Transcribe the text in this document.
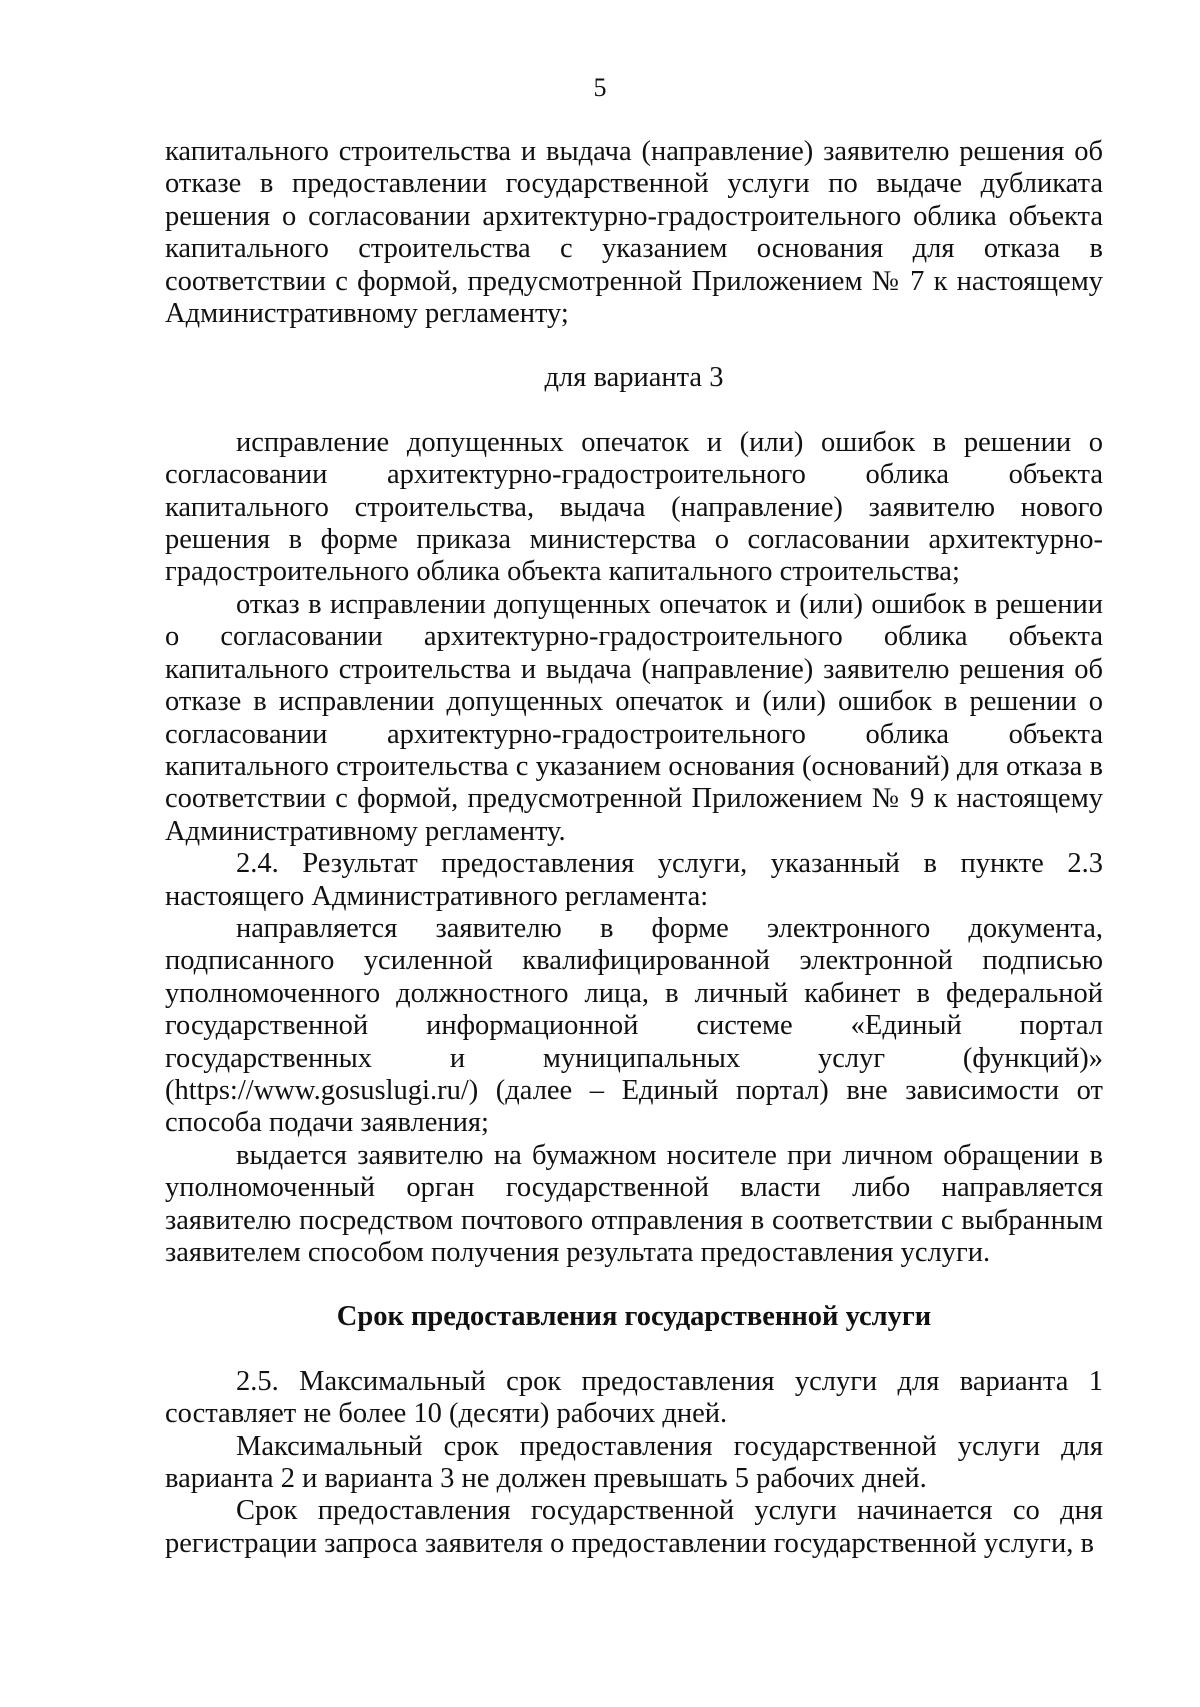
5

капитального строительства и выдача (направление) заявителю решения об отказе в предоставлении государственной услуги по выдаче дубликата решения о согласовании архитектурно-градостроительного облика объекта капитального строительства с указанием основания для отказа в соответствии с формой, предусмотренной Приложением № 7 к настоящему Административному регламенту;

для варианта 3

исправление допущенных опечаток и (или) ошибок в решении о согласовании архитектурно-градостроительного облика объекта капитального строительства, выдача (направление) заявителю нового решения в форме приказа министерства о согласовании архитектурно-градостроительного облика объекта капитального строительства;

отказ в исправлении допущенных опечаток и (или) ошибок в решении о согласовании архитектурно-градостроительного облика объекта капитального строительства и выдача (направление) заявителю решения об отказе в исправлении допущенных опечаток и (или) ошибок в решении о согласовании архитектурно-градостроительного облика объекта капитального строительства с указанием основания (оснований) для отказа в соответствии с формой, предусмотренной Приложением № 9 к настоящему Административному регламенту.

2.4. Результат предоставления услуги, указанный в пункте 2.3 настоящего Административного регламента:

направляется заявителю в форме электронного документа, подписанного усиленной квалифицированной электронной подписью уполномоченного должностного лица, в личный кабинет в федеральной государственной информационной системе «Единый портал государственных и муниципальных услуг (функций)» (https://www.gosuslugi.ru/) (далее – Единый портал) вне зависимости от способа подачи заявления;

выдается заявителю на бумажном носителе при личном обращении в уполномоченный орган государственной власти либо направляется заявителю посредством почтового отправления в соответствии с выбранным заявителем способом получения результата предоставления услуги.

Срок предоставления государственной услуги

2.5. Максимальный срок предоставления услуги для варианта 1 составляет не более 10 (десяти) рабочих дней.

Максимальный срок предоставления государственной услуги для варианта 2 и варианта 3 не должен превышать 5 рабочих дней.

Срок предоставления государственной услуги начинается со дня регистрации запроса заявителя о предоставлении государственной услуги, в
